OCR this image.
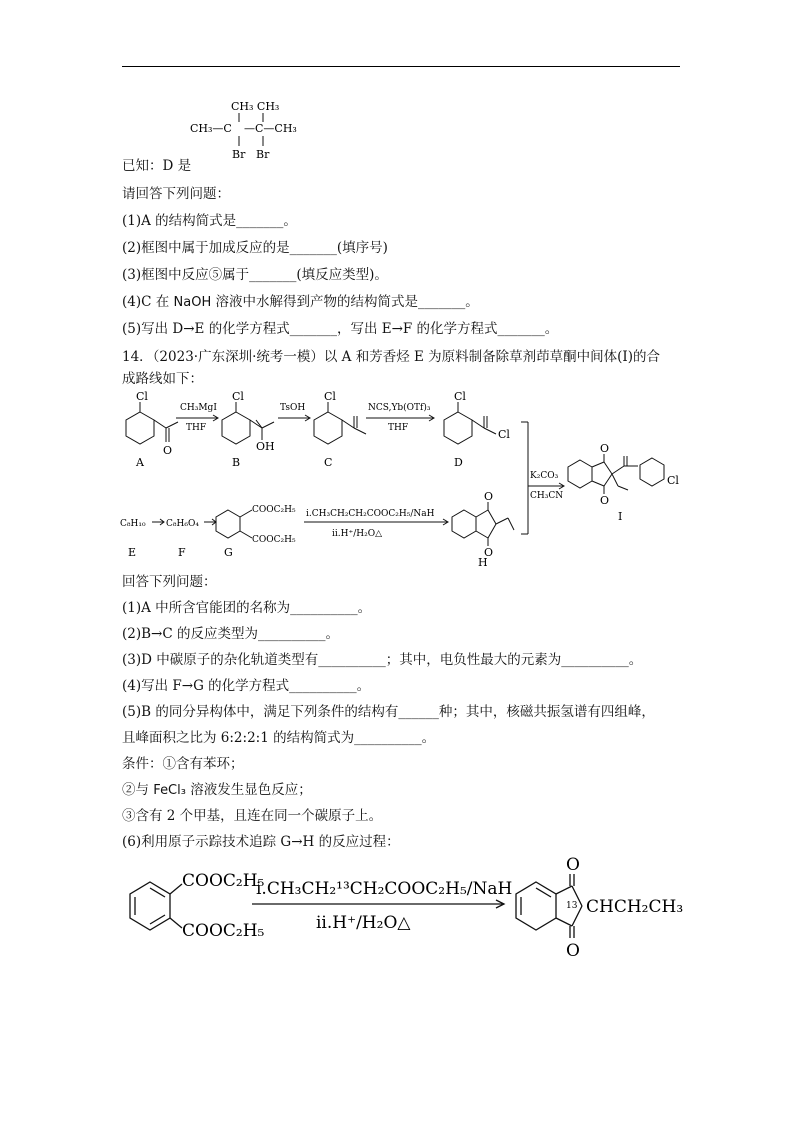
CH₃ CH₃
CH₃—C —C—CH₃
Br Br
已知：D 是
请回答下列问题：
(1)A 的结构简式是_______。
(2)框图中属于加成反应的是_______(填序号)
(3)框图中反应⑤属于_______(填反应类型)。
(4)C 在 NaOH 溶液中水解得到产物的结构简式是_______。
(5)写出 D→E 的化学方程式_______，写出 E→F 的化学方程式_______。
14．（2023·广东深圳·统考一模）以 A 和芳香烃 E 为原料制备除草剂茚草酮中间体(Ⅰ)的合
成路线如下：
Cl
O
CH₃MgI
THF
Cl
OH
TsOH
Cl
NCS,Yb(OTf)₃
THF
Cl
Cl
K₂CO₃
CH₃CN
O
O
Cl
C₈H₁₀ C₈H₆O₄
COOC₂H₅
COOC₂H₅
i.CH₃CH₂CH₂COOC₂H₅/NaH
ii.H⁺/H₂O△
O
O
A	B	C	D
E	F	G
H
I
回答下列问题：
(1)A 中所含官能团的名称为__________。
(2)B→C 的反应类型为__________。
(3)D 中碳原子的杂化轨道类型有__________；其中，电负性最大的元素为__________。
(4)写出 F→G 的化学方程式__________。
(5)B 的同分异构体中，满足下列条件的结构有______种；其中，核磁共振氢谱有四组峰，
且峰面积之比为 6:2:2:1 的结构简式为__________。
条件：①含有苯环；
②与 FeCl₃ 溶液发生显色反应；
③含有 2 个甲基，且连在同一个碳原子上。
(6)利用原子示踪技术追踪 G→H 的反应过程：
COOC₂H₅
COOC₂H₅
i.CH₃CH₂¹³CH₂COOC₂H₅/NaH
ii.H⁺/H₂O△
O
O
13 CHCH₂CH₃
